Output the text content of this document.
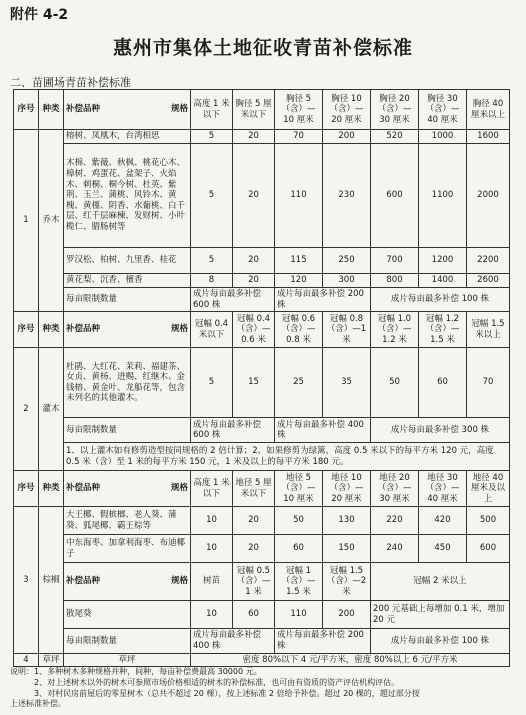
附件 4-2
惠州市集体土地征收青苗补偿标准
二、苗圃场青苗补偿标准
序号	种类	补偿品种 规格	高度 1 米以下	胸径 5 厘米以下	胸径 5（含）—10 厘米	胸径 10（含）—20 厘米	胸径 20（含）—30 厘米	胸径 30（含）—40 厘米	胸径 40 厘米以上
1	乔木	榕树、凤凰木，台湾相思	5	20	70	200	520	1000	1600
		木棉、紫薇、秋枫、桃花心木、樟树、鸡蛋花、盆架子、火焰木、刺桐、桐今树、杜英、紫荆、玉兰、蒲桃、风铃木、黄槐、黄槿、阴香、水葡桃、白千层、红千层麻楝、发财树、小叶榄仁、腊肠树等	5	20	110	230	600	1100	2000
		罗汉松、柏树、九里香、桂花	5	20	115	250	700	1200	2200
		黄花梨、沉香、檀香	8	20	120	300	800	1400	2600
		每亩限制数量	成片每亩最多补偿 600 株		成片每亩最多补偿 200 株		成片每亩最多补偿 100 株		
序号	种类	补偿品种 规格	冠幅 0.4 米以下	冠幅 0.4（含）—0.6 米	冠幅 0.6（含）—0.8 米	冠幅 0.8（含）—1 米	冠幅 1.0（含）—1.2 米	冠幅 1.2（含）—1.5 米	冠幅 1.5 米以上
2	灌木	杜鹃、大红花、茉莉、福建茶、女贞、黄杨、进赐、红继木、金钱榕、黄金叶、龙船花等，包含未列名的其他灌木。	5	15	25	35	50	60	70
		每亩限制数量	成片每亩最多补偿 600 株		成片每亩最多补偿 400 株		成片每亩最多补偿 300 株		
		1、以上灌木如有修剪造型按同规格的 2 倍计算；2、如果修剪为绿篱，高度 0.5 米以下的每平方米 120 元，高度 0.5 米（含）至 1 米的每平方米 150 元，1 米及以上的每平方米 180 元。							
序号	种类	补偿品种 规格	高度 1 米以下	地径 5 厘米以下	地径 5（含）—10 厘米	地径 10（含）—20 厘米	地径 20（含）—30 厘米	地径 30（含）—40 厘米	地径 40 厘米及以上
3	棕榈	大王椰、假槟榔、老人葵、蒲葵、狐尾椰、霸王棕等	10	20	50	130	220	420	500
		中东海枣、加拿利海枣、布迪椰子	10	20	60	150	240	450	600

		补偿品种 规格	树苗	冠幅 0.5（含）—1 米	冠幅 1（含）—1.5 米	冠幅 1.5（含）—2 米	冠幅 2 米以上		
		散尾葵	10	60	110	200	200 元基础上每增加 0.1 米，增加 20 元		
		每亩限制数量	成片每亩最多补偿 400 株		成片每亩最多补偿 200 株		成片每亩最多补偿 100 株		
4	草坪	草坪	密度 80%以下 4 元/平方米，密度 80%以上 6 元/平方米						
说明：1、多种树木多种规格并种，间种，每亩补偿费最高 30000 元。
　　　2、对上述树木以外的树木可参照市场价格相适的树木的补偿标准，也可由有资质的资产评估机构评估。
　　　3、对村民房前屋后的零星树木（总共不超过 20 棵），按上述标准 2 倍给予补偿。超过 20 棵的，超过部分按
上述标准补偿。
